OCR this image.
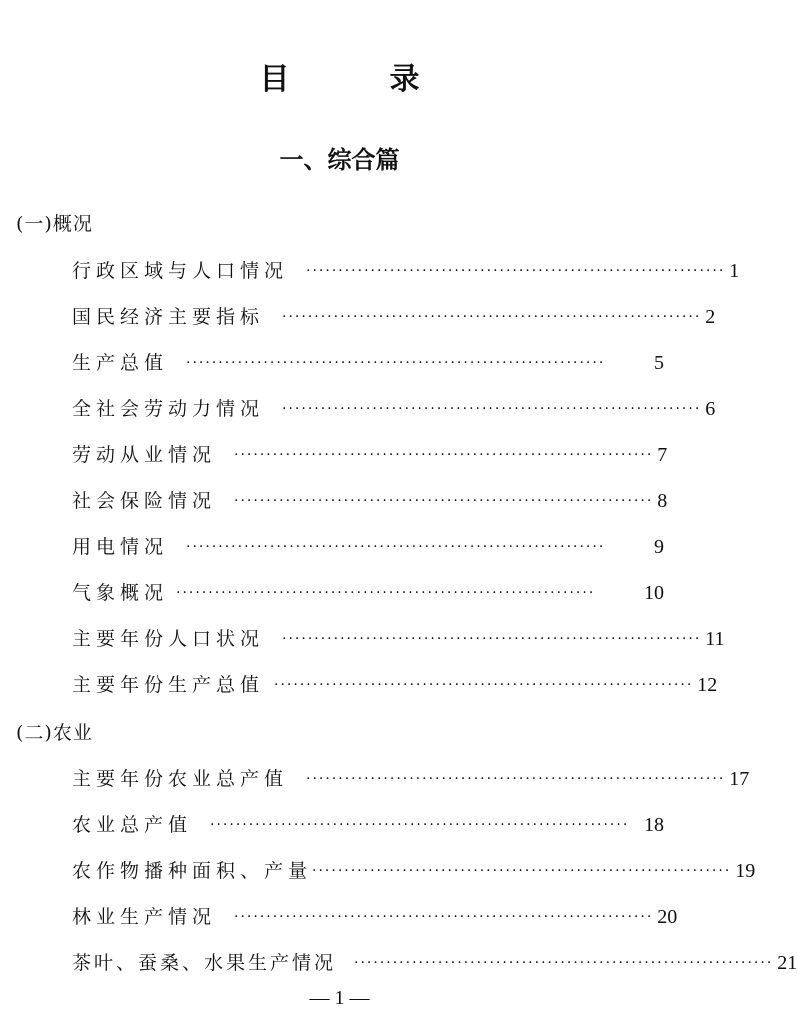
目	录
一、综合篇
(一)概况
行政区域与人口情况 ································································· 1
国民经济主要指标 ································································· 2
生产总值 ·································································	5
全社会劳动力情况 ································································· 6
劳动从业情况 ································································· 7
社会保险情况 ································································· 8
用电情况 ·································································	9
气象概况 ·································································	10
主要年份人口状况 ································································· 11
主要年份生产总值 ································································· 12
(二)农业
主要年份农业总产值 ································································· 17
农业总产值 ································································· 18
农作物播种面积、产量 ································································· 19
林业生产情况 ································································· 20
茶叶、蚕桑、水果生产情况 ································································· 21
— 1 —
